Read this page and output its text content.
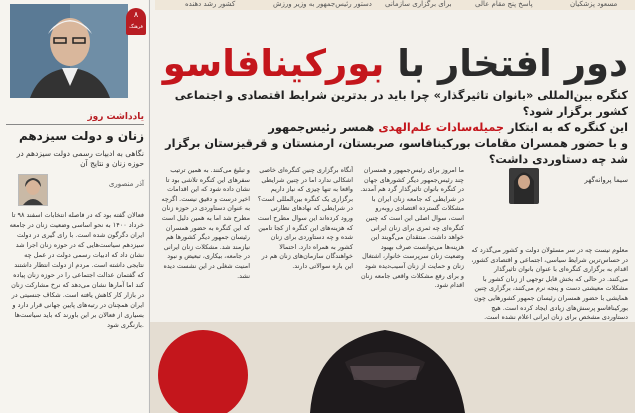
کشور رشد دهنده	دستور رئیس‌جمهور به وزیر ورزش برای برگزاری سازمانی	پاسخ پنج مقام عالی	مسعود پزشکیان
۸
فرهنگ
یادداشت روز
زنان و دولت سیزدهم
نگاهی به ادبیات رسمی دولت سیزدهم در حوزه زنان و نتایج آن
آذر منصوری
فعالان گفته بود که در فاصله انتخابات اسفند ۹۸ تا خرداد ۱۴۰۰ به نحو اساسی وضعیت زنان در جامعه ایران دگرگون شده است. با رای گیری در دولت سیزدهم سیاست‌هایی که در حوزه زنان اجرا شد نشان داد که ادبیات رسمی دولت در عمل چه نتایجی داشته است. مردم از دولت انتظار داشتند که گفتمان عدالت اجتماعی را در حوزه زنان پیاده کند اما آمارها نشان می‌دهد که نرخ مشارکت زنان در بازار کار کاهش یافته است. شکاف جنسیتی در ایران همچنان در رتبه‌های پایین جهانی قرار دارد و بسیاری از فعالان بر این باورند که باید سیاست‌ها بازنگری شود.
دور افتخار با بورکینافاسو
کنگره بین‌المللی «بانوان تاثیرگذار» چرا باید در بدترین شرایط اقتصادی و اجتماعی کشور برگزار شود؟
این کنگره که به ابتکار جمیله‌سادات علم‌الهدی همسر رئیس‌جمهور
و با حضور همسران مقامات بورکینافاسو، صربستان، ارمنستان و قرقیزستان برگزار شد چه دستاوردی داشت؟
و تبلیغ می‌کنند. به همین ترتیب سفرهای این کنگره تلاشی بود تا نشان داده شود که این اقدامات اخیر درست و دقیق نیست. اگرچه به عنوان دستاوردی در حوزه زنان مطرح شد اما به همین دلیل است که این کنگره به حضور همسران رئیسان جمهور دیگر کشورها هم نیازمند شد. مشکلات زنان ایرانی در جامعه، بیکاری، تبعیض و نبود امنیت شغلی در این نشست دیده نشد.
آنگاه برگزاری چنین کنگره‌ای خاصی اشکالی ندارد اما در چنین شرایطی واقعا به تنها چیزی که نیاز داریم برگزاری یک کنگره بین‌المللی است؟ در شرایطی که نهادهای نظارتی ورود کرده‌اند این سوال مطرح است که هزینه‌های این کنگره از کجا تامین شده و چه دستاوردی برای زنان کشور به همراه دارد. احتمالا خواهندگان سازمان‌های زنان هم در این باره سوالاتی دارند.
ما امروز برای رئیس‌جمهور و همسران چند رئیس‌جمهور دیگر کشورهای جهان در کنگره بانوان تاثیرگذار گرد هم آمدند. در شرایطی که جامعه زنان ایران با مشکلات گسترده اقتصادی روبه‌رو است، سوال اصلی این است که چنین کنگره‌ای چه ثمری برای زنان ایرانی خواهد داشت. منتقدان می‌گویند این هزینه‌ها می‌توانست صرف بهبود وضعیت زنان سرپرست خانوار، اشتغال زنان و حمایت از زنان آسیب‌دیده شود و برای رفع مشکلات واقعی جامعه زنان اقدام شود.
سیما پروانه‌گهر
معلوم نیست چه در سر مسئولان دولت و کشور می‌گذرد که در حساس‌ترین شرایط سیاسی، اجتماعی و اقتصادی کشور، اقدام به برگزاری کنگره‌ای با عنوان بانوان تاثیرگذار می‌کنند. در حالی که بخش قابل توجهی از زنان کشور با مشکلات معیشتی دست و پنجه نرم می‌کنند، برگزاری چنین همایشی با حضور همسران رئیسان جمهور کشورهایی چون بورکینافاسو پرسش‌های زیادی ایجاد کرده است. هیچ دستاوردی مشخص برای زنان ایرانی اعلام نشده است.
